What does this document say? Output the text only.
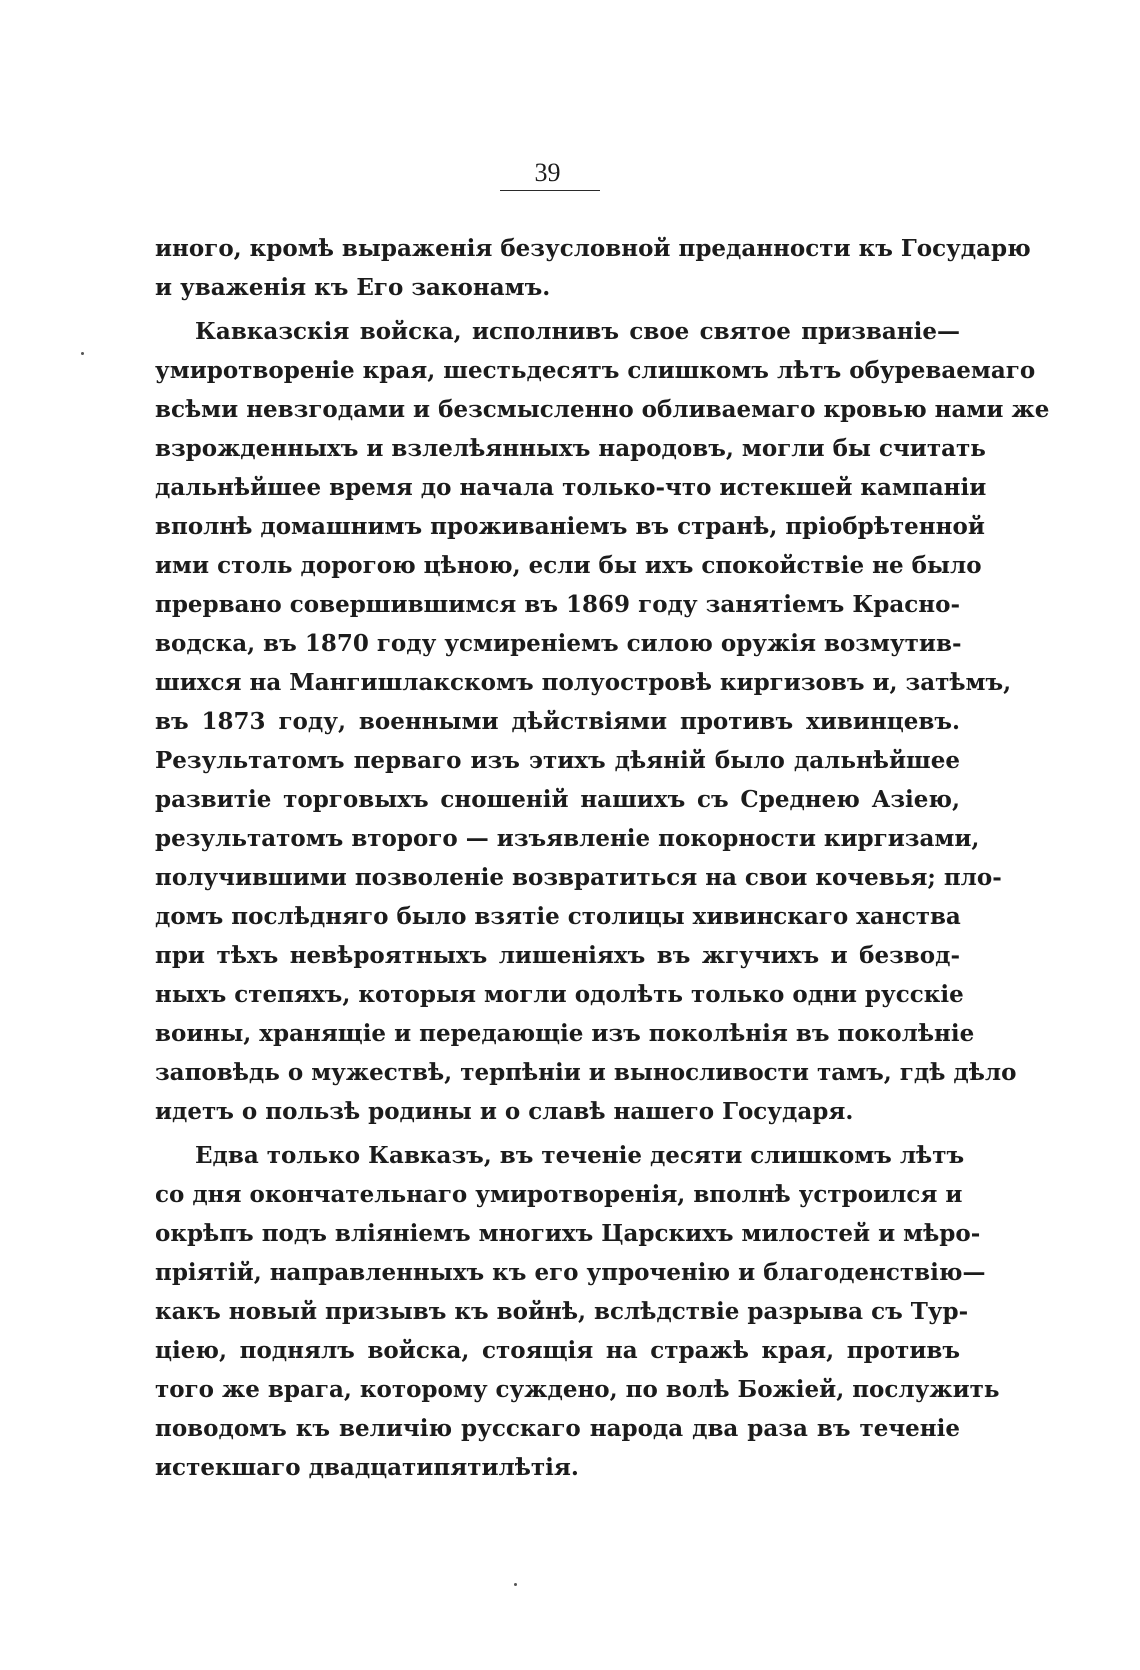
39
иного, кромѣ выраженія безусловной преданности къ Государю
и уваженія къ Его законамъ.
Кавказскія войска, исполнивъ свое святое призваніе—
умиротвореніе края, шестьдесятъ слишкомъ лѣтъ обуреваемаго
всѣми невзгодами и безсмысленно обливаемаго кровью нами же
взрожденныхъ и взлелѣянныхъ народовъ, могли бы считать
дальнѣйшее время до начала только-что истекшей кампаніи
вполнѣ домашнимъ проживаніемъ въ странѣ, пріобрѣтенной
ими столь дорогою цѣною, если бы ихъ спокойствіе не было
прервано совершившимся въ 1869 году занятіемъ Красно-
водска, въ 1870 году усмиреніемъ силою оружія возмутив-
шихся на Мангишлакскомъ полуостровѣ киргизовъ и, затѣмъ,
въ 1873 году, военными дѣйствіями противъ хивинцевъ.
Результатомъ перваго изъ этихъ дѣяній было дальнѣйшее
развитіе торговыхъ сношеній нашихъ съ Среднею Азіею,
результатомъ второго — изъявленіе покорности киргизами,
получившими позволеніе возвратиться на свои кочевья; пло-
домъ послѣдняго было взятіе столицы хивинскаго ханства
при тѣхъ невѣроятныхъ лишеніяхъ въ жгучихъ и безвод-
ныхъ степяхъ, которыя могли одолѣть только одни русскіе
воины, хранящіе и передающіе изъ поколѣнія въ поколѣніе
заповѣдь о мужествѣ, терпѣніи и выносливости тамъ, гдѣ дѣло
идетъ о пользѣ родины и о славѣ нашего Государя.
Едва только Кавказъ, въ теченіе десяти слишкомъ лѣтъ
со дня окончательнаго умиротворенія, вполнѣ устроился и
окрѣпъ подъ вліяніемъ многихъ Царскихъ милостей и мѣро-
пріятій, направленныхъ къ его упроченію и благоденствію—
какъ новый призывъ къ войнѣ, вслѣдствіе разрыва съ Тур-
ціею, поднялъ войска, стоящія на стражѣ края, противъ
того же врага, которому суждено, по волѣ Божіей, послужить
поводомъ къ величію русскаго народа два раза въ теченіе
истекшаго двадцатипятилѣтія.
